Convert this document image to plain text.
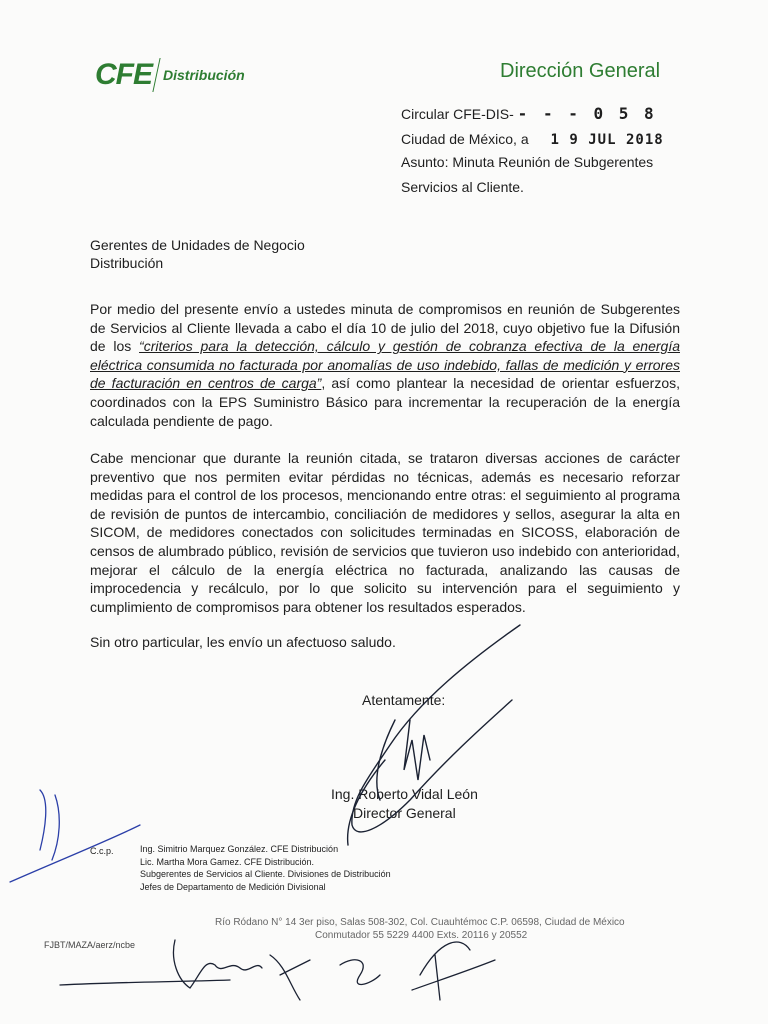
CFE Distribución	Dirección General
Circular CFE-DIS- - - - 0 5 8
Ciudad de México, a 1 9 JUL 2018
Asunto: Minuta Reunión de Subgerentes
Servicios al Cliente.
Gerentes de Unidades de Negocio
Distribución
Por medio del presente envío a ustedes minuta de compromisos en reunión de Subgerentes de Servicios al Cliente llevada a cabo el día 10 de julio del 2018, cuyo objetivo fue la Difusión de los “criterios para la detección, cálculo y gestión de cobranza efectiva de la energía eléctrica consumida no facturada por anomalías de uso indebido, fallas de medición y errores de facturación en centros de carga”, así como plantear la necesidad de orientar esfuerzos, coordinados con la EPS Suministro Básico para incrementar la recuperación de la energía calculada pendiente de pago.
Cabe mencionar que durante la reunión citada, se trataron diversas acciones de carácter preventivo que nos permiten evitar pérdidas no técnicas, además es necesario reforzar medidas para el control de los procesos, mencionando entre otras: el seguimiento al programa de revisión de puntos de intercambio, conciliación de medidores y sellos, asegurar la alta en SICOM, de medidores conectados con solicitudes terminadas en SICOSS, elaboración de censos de alumbrado público, revisión de servicios que tuvieron uso indebido con anterioridad, mejorar el cálculo de la energía eléctrica no facturada, analizando las causas de improcedencia y recálculo, por lo que solicito su intervención para el seguimiento y cumplimiento de compromisos para obtener los resultados esperados.
Sin otro particular, les envío un afectuoso saludo.
Atentamente:
Ing. Roberto Vidal León
Director General
C.c.p.	Ing. Simitrio Marquez González. CFE Distribución
Lic. Martha Mora Gamez. CFE Distribución.
Subgerentes de Servicios al Cliente. Divisiones de Distribución
Jefes de Departamento de Medición Divisional
Río Ródano N° 14 3er piso, Salas 508-302, Col. Cuauhtémoc C.P. 06598, Ciudad de México
Conmutador 55 5229 4400 Exts. 20116 y 20552
FJBT/MAZA/aerz/ncbe
